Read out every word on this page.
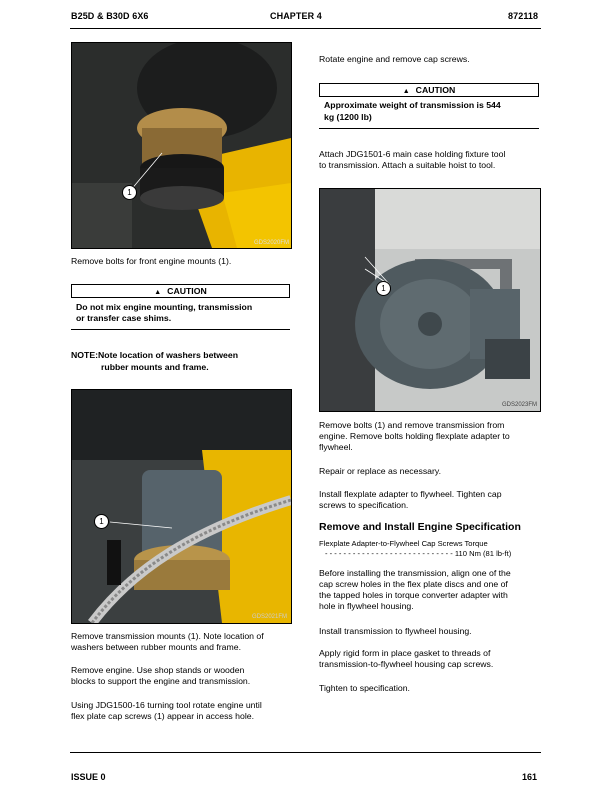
B25D & B30D 6X6	CHAPTER 4	872118
1
GDS2020FM

Remove bolts for front engine mounts (1).

▲ CAUTION
Do not mix engine mounting, transmission
or transfer case shims.
NOTE:Note location of washers between
rubber mounts and frame.
1
GDS2021FM

Remove transmission mounts (1). Note location of

washers between rubber mounts and frame.

Remove engine. Use shop stands or wooden

blocks to support the engine and transmission.

Using JDG1500-16 turning tool rotate engine until

flex plate cap screws (1) appear in access hole.

Rotate engine and remove cap screws.

▲ CAUTION
Approximate weight of transmission is 544
kg (1200 lb)

Attach JDG1501-6 main case holding fixture tool

to transmission. Attach a suitable hoist to tool.

1
GDS2023FM

Remove bolts (1) and remove transmission from

engine. Remove bolts holding flexplate adapter to

flywheel.

Repair or replace as necessary.

Install flexplate adapter to flywheel. Tighten cap

screws to specification.

Remove and Install Engine Specification
Flexplate Adapter-to-Flywheel Cap Screws Torque
- - - - - - - - - - - - - - - - - - - - - - - - - - - - 110 Nm (81 lb-ft)

Before installing the transmission, align one of the

cap screw holes in the flex plate discs and one of

the tapped holes in torque converter adapter with

hole in flywheel housing.

Install transmission to flywheel housing.

Apply rigid form in place gasket to threads of

transmission-to-flywheel housing cap screws.

Tighten to specification.

ISSUE 0	161
